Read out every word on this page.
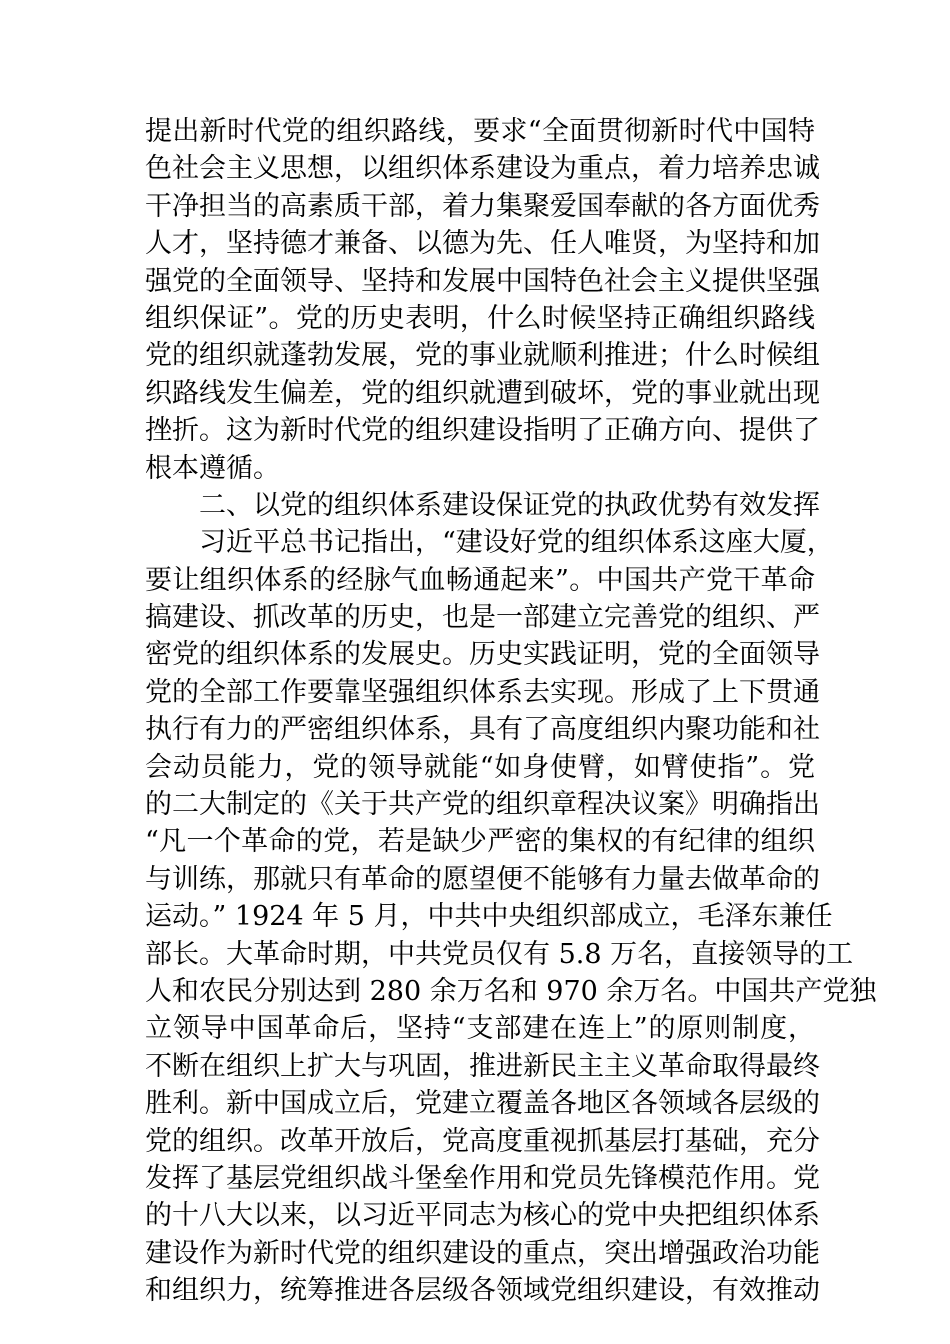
提出新时代党的组织路线，要求“全面贯彻新时代中国特
色社会主义思想，以组织体系建设为重点，着力培养忠诚
干净担当的高素质干部，着力集聚爱国奉献的各方面优秀
人才，坚持德才兼备、以德为先、任人唯贤，为坚持和加
强党的全面领导、坚持和发展中国特色社会主义提供坚强
组织保证”。党的历史表明，什么时候坚持正确组织路线
党的组织就蓬勃发展，党的事业就顺利推进；什么时候组
织路线发生偏差，党的组织就遭到破坏，党的事业就出现
挫折。这为新时代党的组织建设指明了正确方向、提供了
根本遵循。
二、以党的组织体系建设保证党的执政优势有效发挥
习近平总书记指出，“建设好党的组织体系这座大厦，
要让组织体系的经脉气血畅通起来”。中国共产党干革命
搞建设、抓改革的历史，也是一部建立完善党的组织、严
密党的组织体系的发展史。历史实践证明，党的全面领导
党的全部工作要靠坚强组织体系去实现。形成了上下贯通
执行有力的严密组织体系，具有了高度组织内聚功能和社
会动员能力，党的领导就能“如身使臂，如臂使指”。党
的二大制定的《关于共产党的组织章程决议案》明确指出
“凡一个革命的党，若是缺少严密的集权的有纪律的组织
与训练，那就只有革命的愿望便不能够有力量去做革命的
运动。” 1924 年 5 月，中共中央组织部成立，毛泽东兼任
部长。大革命时期，中共党员仅有 5.8 万名，直接领导的工
人和农民分别达到 280 余万名和 970 余万名。中国共产党独
立领导中国革命后，坚持“支部建在连上”的原则制度，
不断在组织上扩大与巩固，推进新民主主义革命取得最终
胜利。新中国成立后，党建立覆盖各地区各领域各层级的
党的组织。改革开放后，党高度重视抓基层打基础，充分
发挥了基层党组织战斗堡垒作用和党员先锋模范作用。党
的十八大以来，以习近平同志为核心的党中央把组织体系
建设作为新时代党的组织建设的重点，突出增强政治功能
和组织力，统筹推进各层级各领域党组织建设，有效推动
